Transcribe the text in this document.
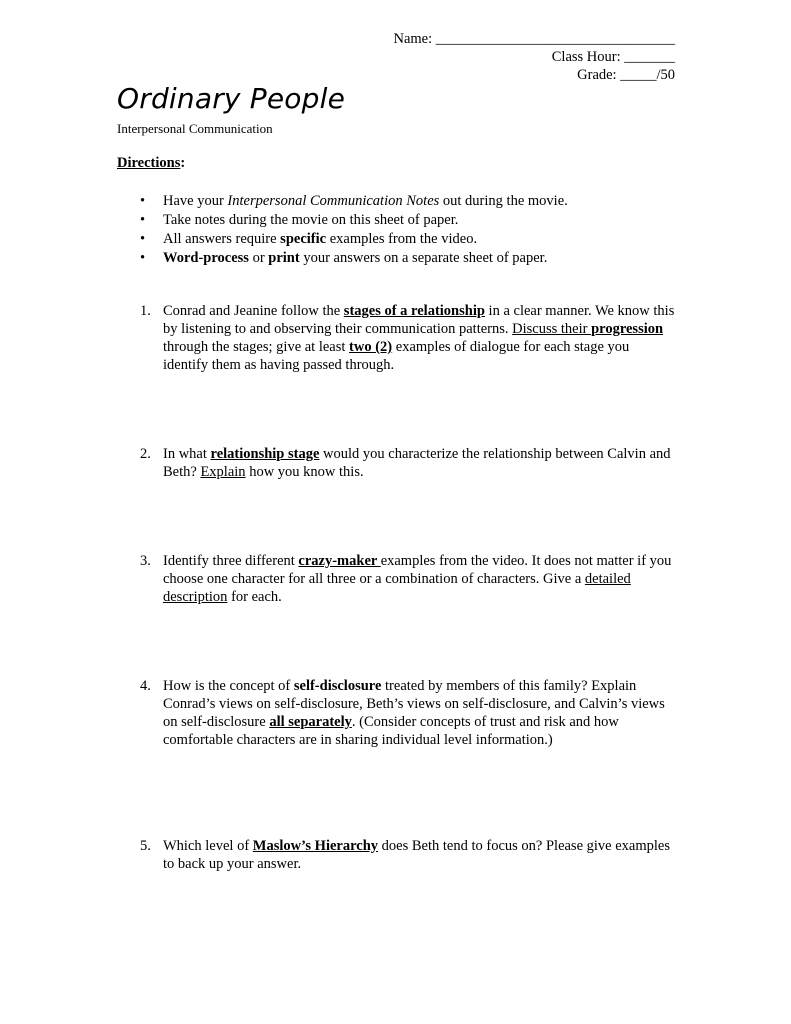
Name: _________________________________
Class Hour: _______
Grade: _____/50
Ordinary People
Interpersonal Communication
Directions:
• Have your Interpersonal Communication Notes out during the movie.
• Take notes during the movie on this sheet of paper.
• All answers require specific examples from the video.
• Word-process or print your answers on a separate sheet of paper.
1. Conrad and Jeanine follow the stages of a relationship in a clear manner. We know this by listening to and observing their communication patterns. Discuss their progression through the stages; give at least two (2) examples of dialogue for each stage you identify them as having passed through.
2. In what relationship stage would you characterize the relationship between Calvin and Beth? Explain how you know this.
3. Identify three different crazy-maker examples from the video. It does not matter if you choose one character for all three or a combination of characters. Give a detailed description for each.
4. How is the concept of self-disclosure treated by members of this family? Explain Conrad’s views on self-disclosure, Beth’s views on self-disclosure, and Calvin’s views on self-disclosure all separately. (Consider concepts of trust and risk and how comfortable characters are in sharing individual level information.)
5. Which level of Maslow’s Hierarchy does Beth tend to focus on? Please give examples to back up your answer.
